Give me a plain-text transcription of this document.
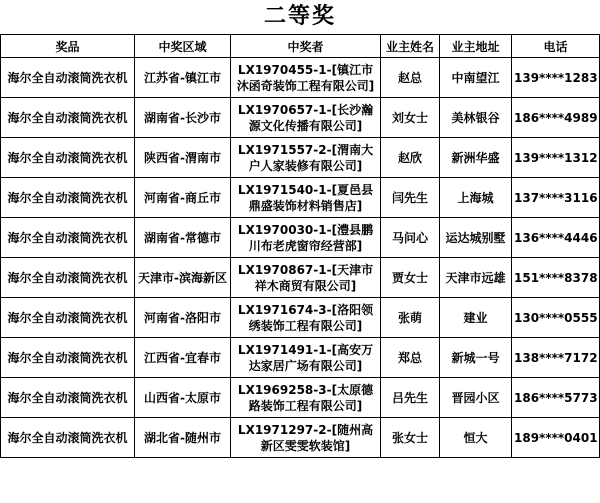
二等奖
奖品	中奖区域	中奖者	业主姓名	业主地址	电话
海尔全自动滚筒洗衣机	江苏省-镇江市	LX1970455-1-[镇江市沐函奇装饰工程有限公司]	赵总	中南望江	139****1283
海尔全自动滚筒洗衣机	湖南省-长沙市	LX1970657-1-[长沙瀚源文化传播有限公司]	刘女士	美林银谷	186****4989
海尔全自动滚筒洗衣机	陕西省-渭南市	LX1971557-2-[渭南大户人家装修有限公司]	赵欣	新洲华盛	139****1312
海尔全自动滚筒洗衣机	河南省-商丘市	LX1971540-1-[夏邑县鼎盛装饰材料销售店]	闫先生	上海城	137****3116
海尔全自动滚筒洗衣机	湖南省-常德市	LX1970030-1-[澧县鹏川布老虎窗帘经营部]	马问心	运达城别墅	136****4446
海尔全自动滚筒洗衣机	天津市-滨海新区	LX1970867-1-[天津市祥木商贸有限公司]	贾女士	天津市远雄	151****8378
海尔全自动滚筒洗衣机	河南省-洛阳市	LX1971674-3-[洛阳领绣装饰工程有限公司]	张萌	建业	130****0555
海尔全自动滚筒洗衣机	江西省-宜春市	LX1971491-1-[高安万达家居广场有限公司]	郑总	新城一号	138****7172
海尔全自动滚筒洗衣机	山西省-太原市	LX1969258-3-[太原德路装饰工程有限公司]	吕先生	晋园小区	186****5773
海尔全自动滚筒洗衣机	湖北省-随州市	LX1971297-2-[随州高新区雯雯软装馆]	张女士	恒大	189****0401
